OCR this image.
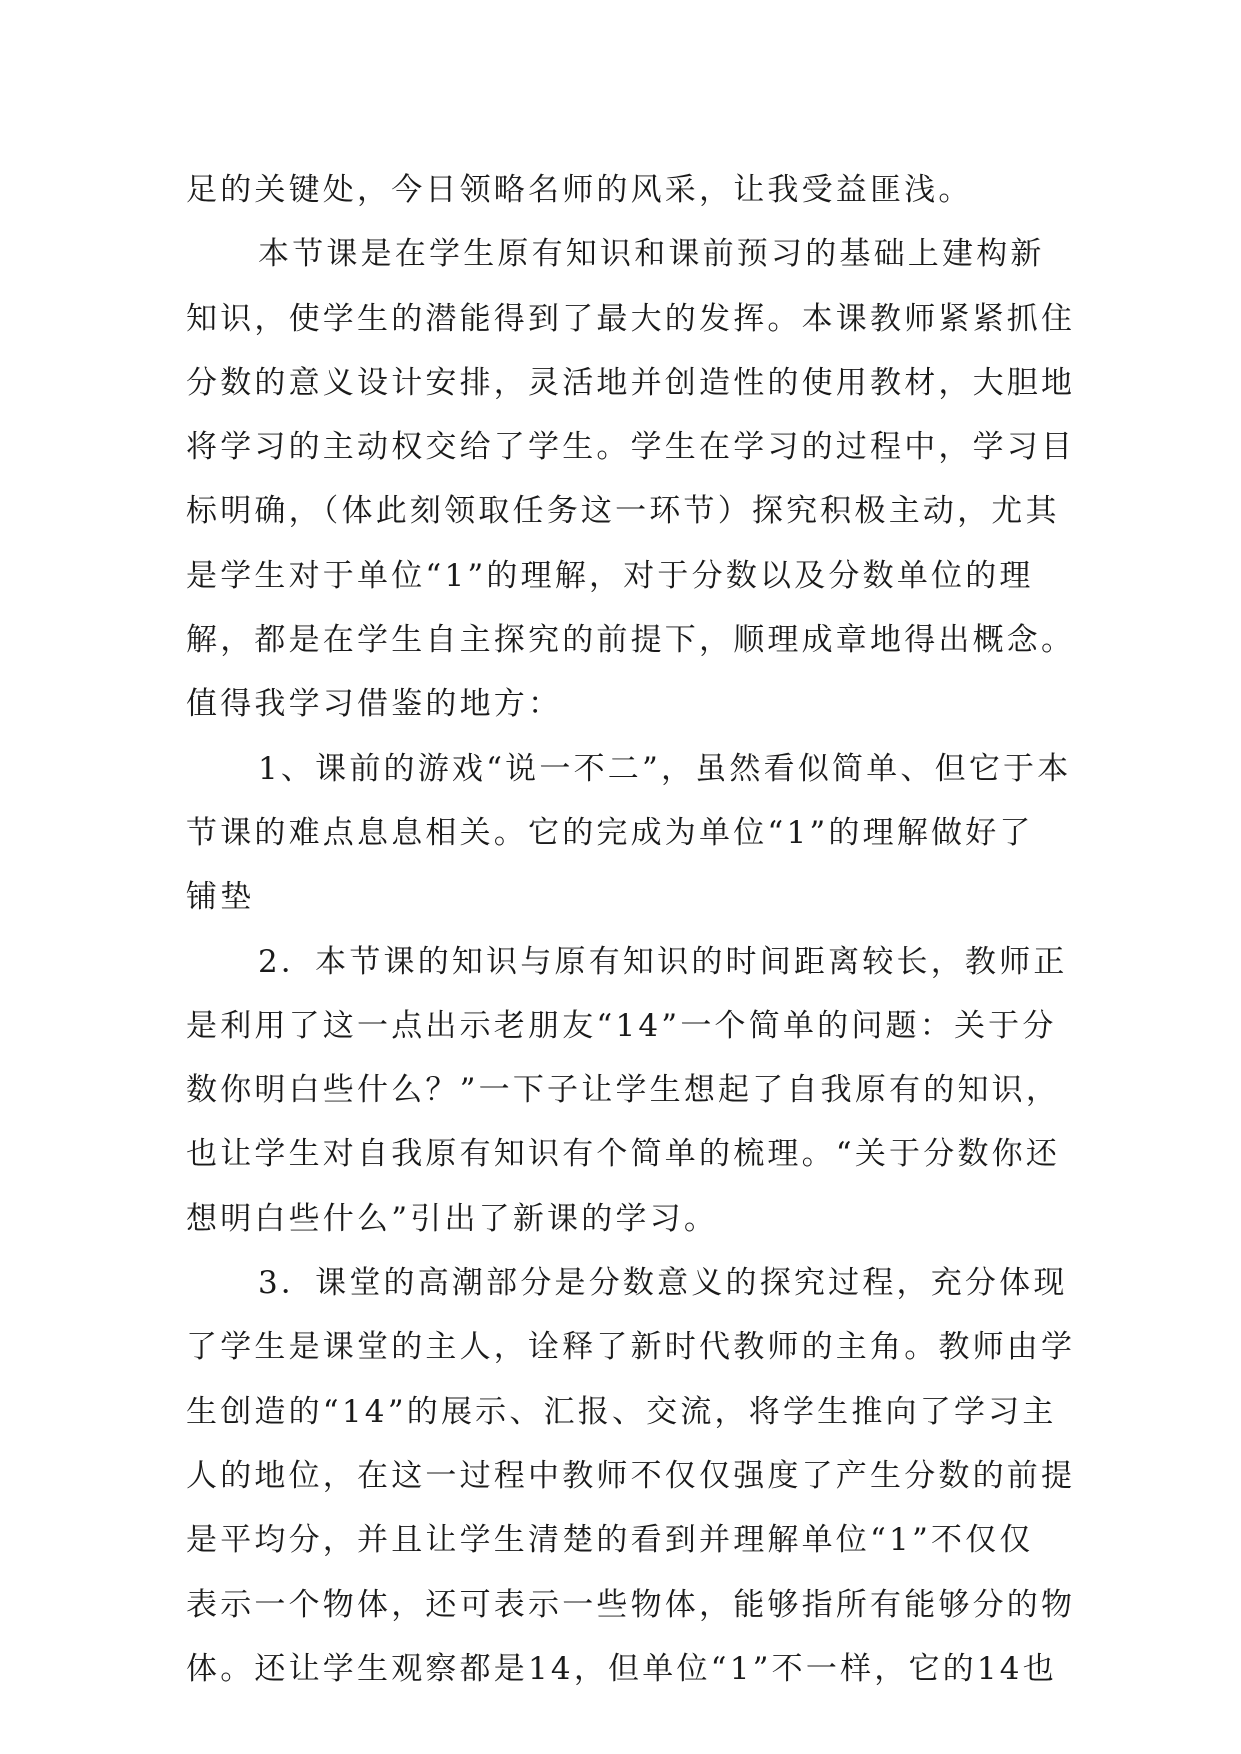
足的关键处，今日领略名师的风采，让我受益匪浅。
本节课是在学生原有知识和课前预习的基础上建构新
知识，使学生的潜能得到了最大的发挥。本课教师紧紧抓住
分数的意义设计安排，灵活地并创造性的使用教材，大胆地
将学习的主动权交给了学生。学生在学习的过程中，学习目
标明确，（体此刻领取任务这一环节）探究积极主动，尤其
是学生对于单位“1”的理解，对于分数以及分数单位的理
解，都是在学生自主探究的前提下，顺理成章地得出概念。
值得我学习借鉴的地方：
1、课前的游戏“说一不二”，虽然看似简单、但它于本
节课的难点息息相关。它的完成为单位“1”的理解做好了
铺垫
2．本节课的知识与原有知识的时间距离较长，教师正
是利用了这一点出示老朋友“14”一个简单的问题：关于分
数你明白些什么？”一下子让学生想起了自我原有的知识，
也让学生对自我原有知识有个简单的梳理。“关于分数你还
想明白些什么”引出了新课的学习。
3．课堂的高潮部分是分数意义的探究过程，充分体现
了学生是课堂的主人，诠释了新时代教师的主角。教师由学
生创造的“14”的展示、汇报、交流，将学生推向了学习主
人的地位，在这一过程中教师不仅仅强度了产生分数的前提
是平均分，并且让学生清楚的看到并理解单位“1”不仅仅
表示一个物体，还可表示一些物体，能够指所有能够分的物
体。还让学生观察都是14，但单位“1”不一样，它的14也
